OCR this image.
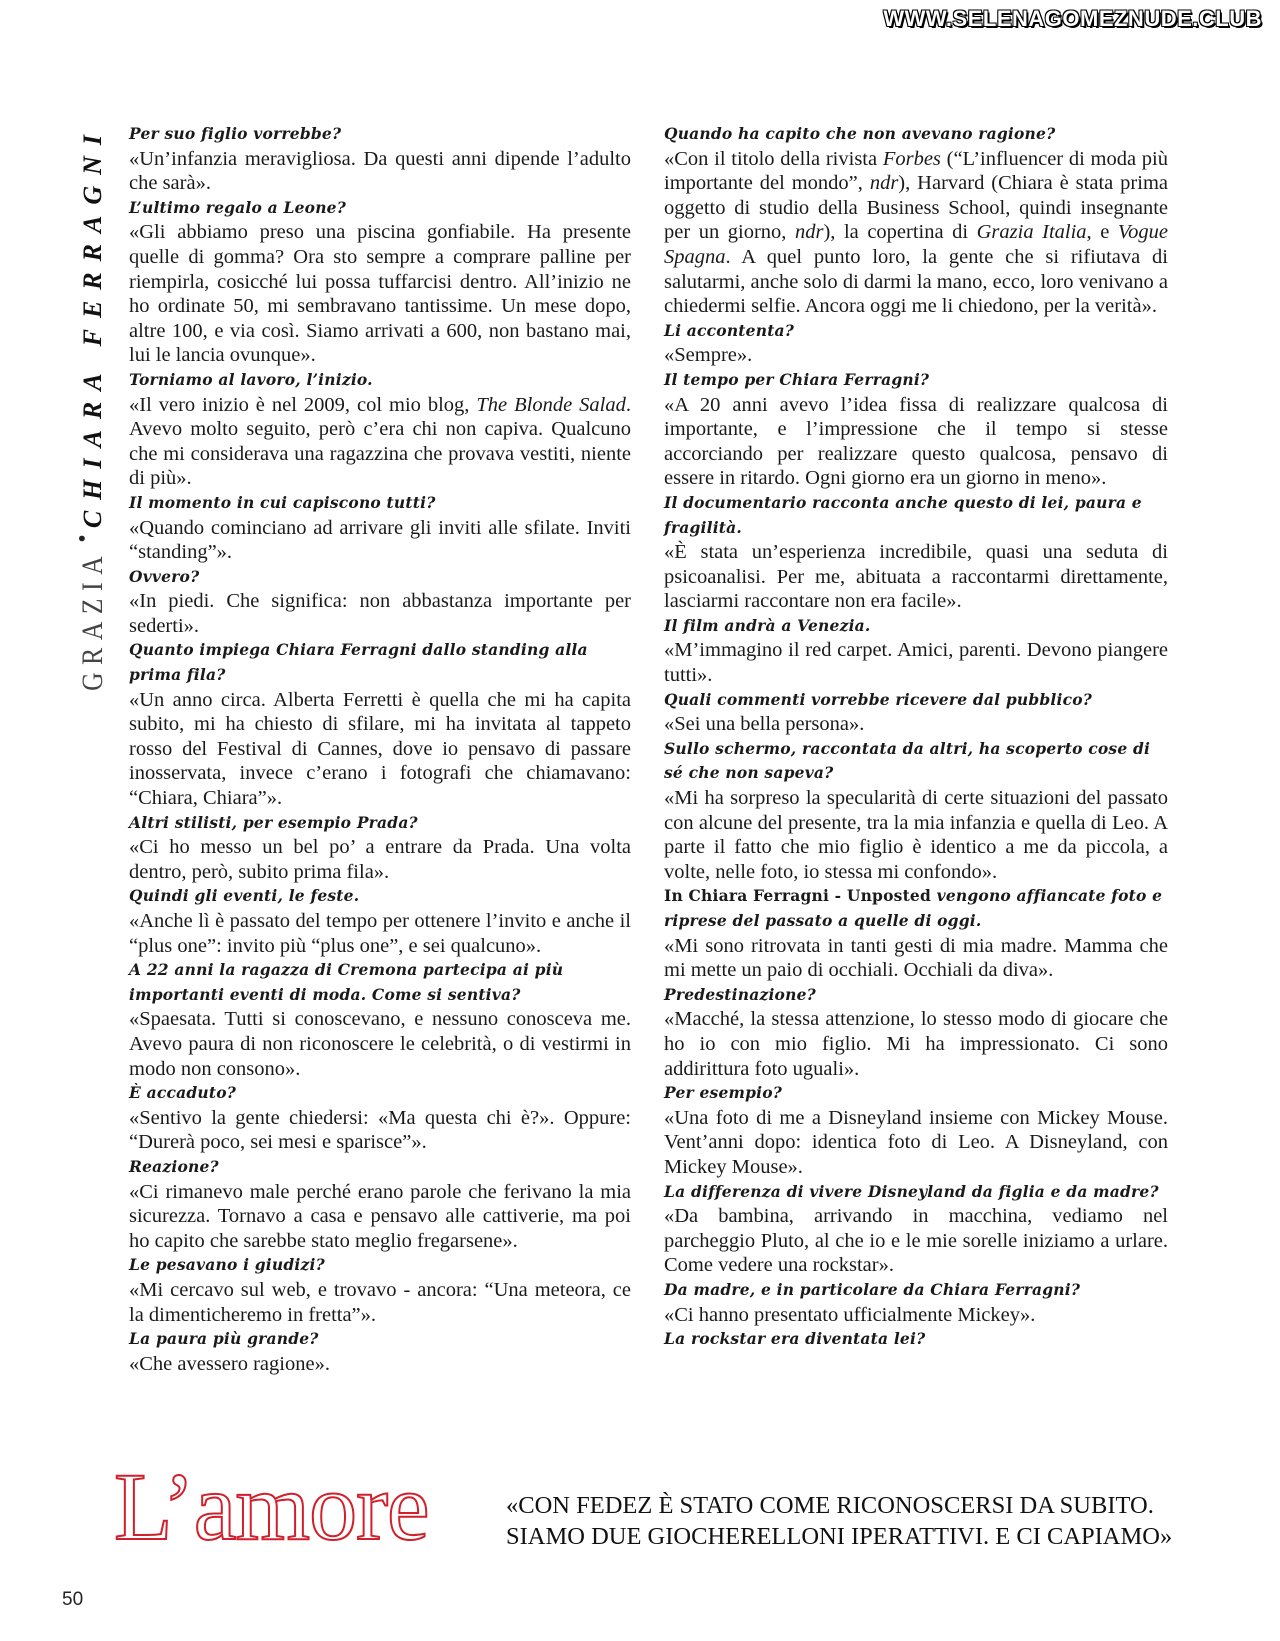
WWW.SELENAGOMEZNUDE.CLUB
GRAZIA
•
CHIARA FERRAGNI Per suo figlio vorrebbe?
«Un’infanzia meravigliosa. Da questi anni dipende l’adulto che sarà».
L’ultimo regalo a Leone?
«Gli abbiamo preso una piscina gonfiabile. Ha presente quelle di gomma? Ora sto sempre a comprare palline per riempirla, cosicché lui possa tuffarcisi dentro. All’inizio ne ho ordinate 50, mi sembravano tantissime. Un mese dopo, altre 100, e via così. Siamo arrivati a 600, non bastano mai, lui le lancia ovunque».
Torniamo al lavoro, l’inizio.
«Il vero inizio è nel 2009, col mio blog, The Blonde Salad. Avevo molto seguito, però c’era chi non capiva. Qualcuno che mi considerava una ragazzina che provava vestiti, niente di più».
Il momento in cui capiscono tutti?
«Quando cominciano ad arrivare gli inviti alle sfilate. Inviti “standing”».
Ovvero?
«In piedi. Che significa: non abbastanza importante per sederti».
Quanto impiega Chiara Ferragni dallo standing alla prima fila?
«Un anno circa. Alberta Ferretti è quella che mi ha capita subito, mi ha chiesto di sfilare, mi ha invitata al tappeto rosso del Festival di Cannes, dove io pensavo di passare inosservata, invece c’erano i fotografi che chiamavano: “Chiara, Chiara”».
Altri stilisti, per esempio Prada?
«Ci ho messo un bel po’ a entrare da Prada. Una volta dentro, però, subito prima fila».
Quindi gli eventi, le feste.
«Anche lì è passato del tempo per ottenere l’invito e anche il “plus one”: invito più “plus one”, e sei qualcuno».
A 22 anni la ragazza di Cremona partecipa ai più importanti eventi di moda. Come si sentiva?
«Spaesata. Tutti si conoscevano, e nessuno conosceva me. Avevo paura di non riconoscere le celebrità, o di vestirmi in modo non consono».
È accaduto?
«Sentivo la gente chiedersi: «Ma questa chi è?». Oppure: “Durerà poco, sei mesi e sparisce”».
Reazione?
«Ci rimanevo male perché erano parole che ferivano la mia sicurezza. Tornavo a casa e pensavo alle cattiverie, ma poi ho capito che sarebbe stato meglio fregarsene».
Le pesavano i giudizi?
«Mi cercavo sul web, e trovavo - ancora: “Una meteora, ce la dimenticheremo in fretta”».
La paura più grande?
«Che avessero ragione».
Quando ha capito che non avevano ragione?
«Con il titolo della rivista Forbes (“L’influencer di moda più importante del mondo”, ndr), Harvard (Chiara è stata prima oggetto di studio della Business School, quindi insegnante per un giorno, ndr), la copertina di Grazia Italia, e Vogue Spagna. A quel punto loro, la gente che si rifiutava di salutarmi, anche solo di darmi la mano, ecco, loro venivano a chiedermi selfie. Ancora oggi me li chiedono, per la verità».
Li accontenta?
«Sempre».
Il tempo per Chiara Ferragni?
«A 20 anni avevo l’idea fissa di realizzare qualcosa di importante, e l’impressione che il tempo si stesse accorciando per realizzare questo qualcosa, pensavo di essere in ritardo. Ogni giorno era un giorno in meno».
Il documentario racconta anche questo di lei, paura e fragilità.
«È stata un’esperienza incredibile, quasi una seduta di psicoanalisi. Per me, abituata a raccontarmi direttamente, lasciarmi raccontare non era facile».
Il film andrà a Venezia.
«M’immagino il red carpet. Amici, parenti. Devono piangere tutti».
Quali commenti vorrebbe ricevere dal pubblico?
«Sei una bella persona».
Sullo schermo, raccontata da altri, ha scoperto cose di sé che non sapeva?
«Mi ha sorpreso la specularità di certe situazioni del passato con alcune del presente, tra la mia infanzia e quella di Leo. A parte il fatto che mio figlio è identico a me da piccola, a volte, nelle foto, io stessa mi confondo».
In Chiara Ferragni - Unposted vengono affiancate foto e riprese del passato a quelle di oggi.
«Mi sono ritrovata in tanti gesti di mia madre. Mamma che mi mette un paio di occhiali. Occhiali da diva».
Predestinazione?
«Macché, la stessa attenzione, lo stesso modo di giocare che ho io con mio figlio. Mi ha impressionato. Ci sono addirittura foto uguali».
Per esempio?
«Una foto di me a Disneyland insieme con Mickey Mouse. Vent’anni dopo: identica foto di Leo. A Disneyland, con Mickey Mouse».
La differenza di vivere Disneyland da figlia e da madre?
«Da bambina, arrivando in macchina, vediamo nel parcheggio Pluto, al che io e le mie sorelle iniziamo a urlare. Come vedere una rockstar».
Da madre, e in particolare da Chiara Ferragni?
«Ci hanno presentato ufficialmente Mickey».
La rockstar era diventata lei?
L’amore	«CON FEDEZ È STATO COME RICONOSCERSI DA SUBITO.
SIAMO DUE GIOCHERELLONI IPERATTIVI. E CI CAPIAMO»
50
